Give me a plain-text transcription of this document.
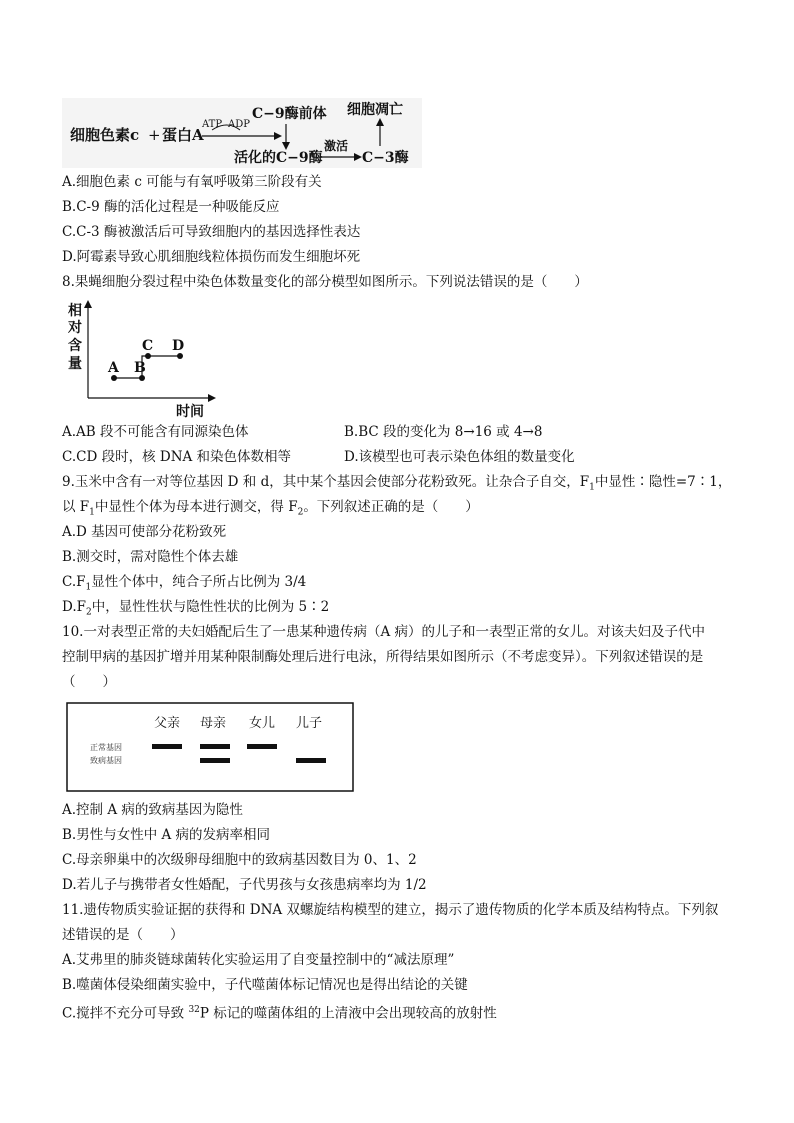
细胞色素c + 蛋白A
ATP ADP
C−9酶前体
活化的C−9酶
激活
C−3酶
细胞凋亡
A.细胞色素 c 可能与有氧呼吸第三阶段有关
B.C-9 酶的活化过程是一种吸能反应
C.C-3 酶被激活后可导致细胞内的基因选择性表达
D.阿霉素导致心肌细胞线粒体损伤而发生细胞坏死
8.果蝇细胞分裂过程中染色体数量变化的部分模型如图所示。下列说法错误的是（　　）
相
对
含
量 A B
C D
时间
A.AB 段不可能含有同源染色体	B.BC 段的变化为 8→16 或 4→8
C.CD 段时，核 DNA 和染色体数相等	D.该模型也可表示染色体组的数量变化
9.玉米中含有一对等位基因 D 和 d，其中某个基因会使部分花粉致死。让杂合子自交，$F_1$中显性∶隐性=7∶1，
以 $F_1$中显性个体为母本进行测交，得 $F_2$。下列叙述正确的是（　　）
A.D 基因可使部分花粉致死
B.测交时，需对隐性个体去雄
$C.F_1$显性个体中，纯合子所占比例为 3/4
$D.F_2$中，显性性状与隐性性状的比例为 5∶2
10.一对表型正常的夫妇婚配后生了一患某种遗传病（A 病）的儿子和一表型正常的女儿。对该夫妇及子代中
控制甲病的基因扩增并用某种限制酶处理后进行电泳，所得结果如图所示（不考虑变异）。下列叙述错误的是
（　　）
父亲 母亲 女儿 儿子
正常基因
致病基因
A.控制 A 病的致病基因为隐性
B.男性与女性中 A 病的发病率相同
C.母亲卵巢中的次级卵母细胞中的致病基因数目为 0、1、2
D.若儿子与携带者女性婚配，子代男孩与女孩患病率均为 1/2
11.遗传物质实验证据的获得和 DNA 双螺旋结构模型的建立，揭示了遗传物质的化学本质及结构特点。下列叙
述错误的是（　　）
A.艾弗里的肺炎链球菌转化实验运用了自变量控制中的“减法原理”
B.噬菌体侵染细菌实验中，子代噬菌体标记情况也是得出结论的关键
C.搅拌不充分可导致 $^{32}$P 标记的噬菌体组的上清液中会出现较高的放射性
